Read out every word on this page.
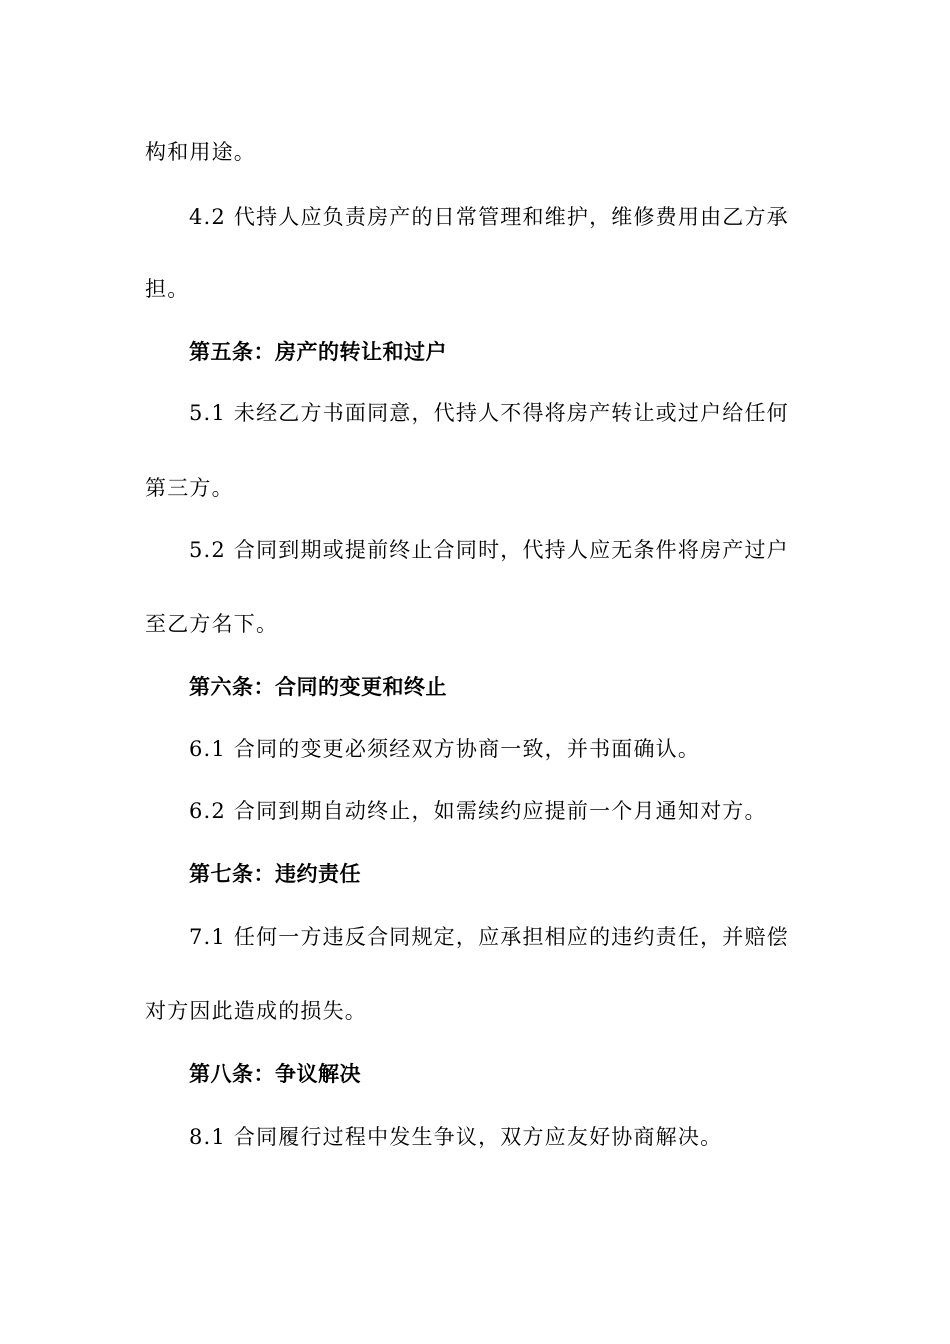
构和用途。
4.2 代持人应负责房产的日常管理和维护，维修费用由乙方承
担。
第五条：房产的转让和过户
5.1 未经乙方书面同意，代持人不得将房产转让或过户给任何
第三方。
5.2 合同到期或提前终止合同时，代持人应无条件将房产过户
至乙方名下。
第六条：合同的变更和终止
6.1 合同的变更必须经双方协商一致，并书面确认。
6.2 合同到期自动终止，如需续约应提前一个月通知对方。
第七条：违约责任
7.1 任何一方违反合同规定，应承担相应的违约责任，并赔偿
对方因此造成的损失。
第八条：争议解决
8.1 合同履行过程中发生争议，双方应友好协商解决。
